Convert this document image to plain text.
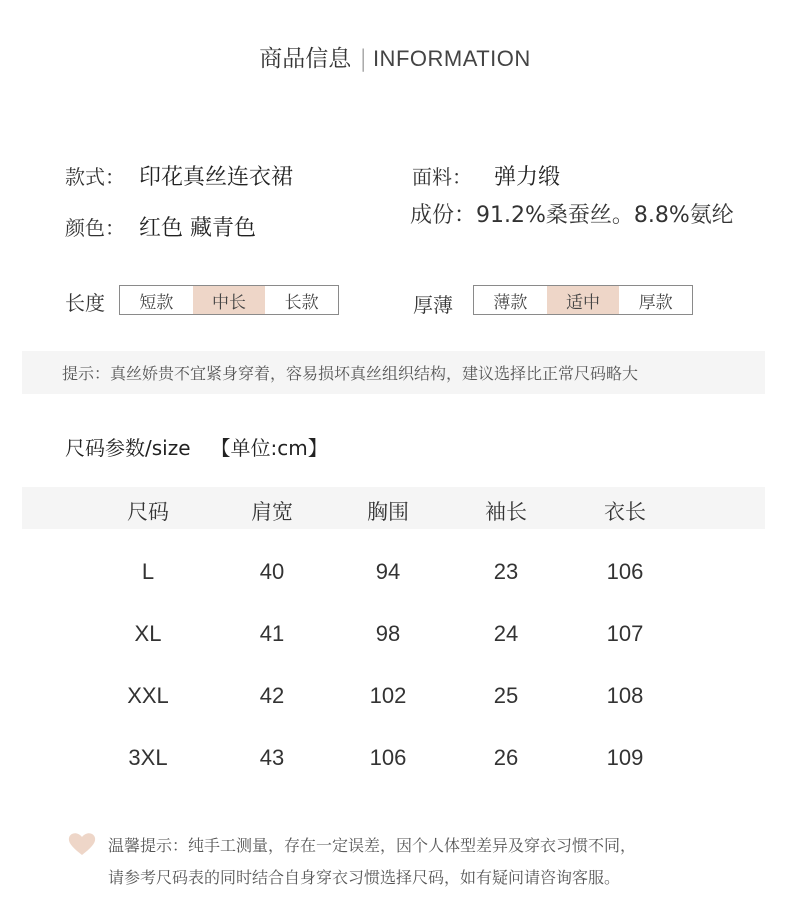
商品信息 | INFORMATION
款式： 印花真丝连衣裙
颜色： 红色 藏青色
面料： 弹力缎
成份：91.2%桑蚕丝。8.8%氨纶
长度	短款	中长	长款	厚薄	薄款	适中	厚款
提示：真丝娇贵不宜紧身穿着，容易损坏真丝组织结构，建议选择比正常尺码略大
尺码参数/size 【单位:cm】
尺码	肩宽	胸围	袖长	衣长
L	40	94	23	106
XL	41	98	24	107
XXL	42	102	25	108
3XL	43	106	26	109
温馨提示：纯手工测量，存在一定误差，因个人体型差异及穿衣习惯不同，
请参考尺码表的同时结合自身穿衣习惯选择尺码，如有疑问请咨询客服。
